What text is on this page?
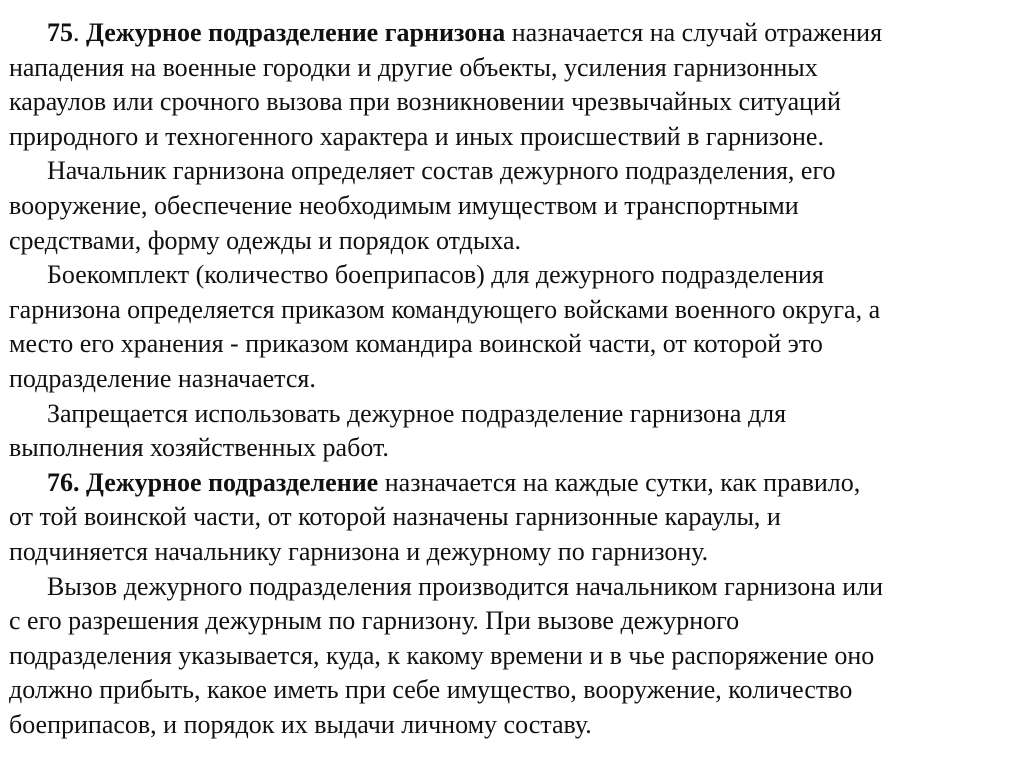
75. Дежурное подразделение гарнизона назначается на случай отражения
нападения на военные городки и другие объекты, усиления гарнизонных
караулов или срочного вызова при возникновении чрезвычайных ситуаций
природного и техногенного характера и иных происшествий в гарнизоне.
Начальник гарнизона определяет состав дежурного подразделения, его
вооружение, обеспечение необходимым имуществом и транспортными
средствами, форму одежды и порядок отдыха.
Боекомплект (количество боеприпасов) для дежурного подразделения
гарнизона определяется приказом командующего войсками военного округа, а
место его хранения - приказом командира воинской части, от которой это
подразделение назначается.
Запрещается использовать дежурное подразделение гарнизона для
выполнения хозяйственных работ.
76. Дежурное подразделение назначается на каждые сутки, как правило,
от той воинской части, от которой назначены гарнизонные караулы, и
подчиняется начальнику гарнизона и дежурному по гарнизону.
Вызов дежурного подразделения производится начальником гарнизона или
с его разрешения дежурным по гарнизону. При вызове дежурного
подразделения указывается, куда, к какому времени и в чье распоряжение оно
должно прибыть, какое иметь при себе имущество, вооружение, количество
боеприпасов, и порядок их выдачи личному составу.
